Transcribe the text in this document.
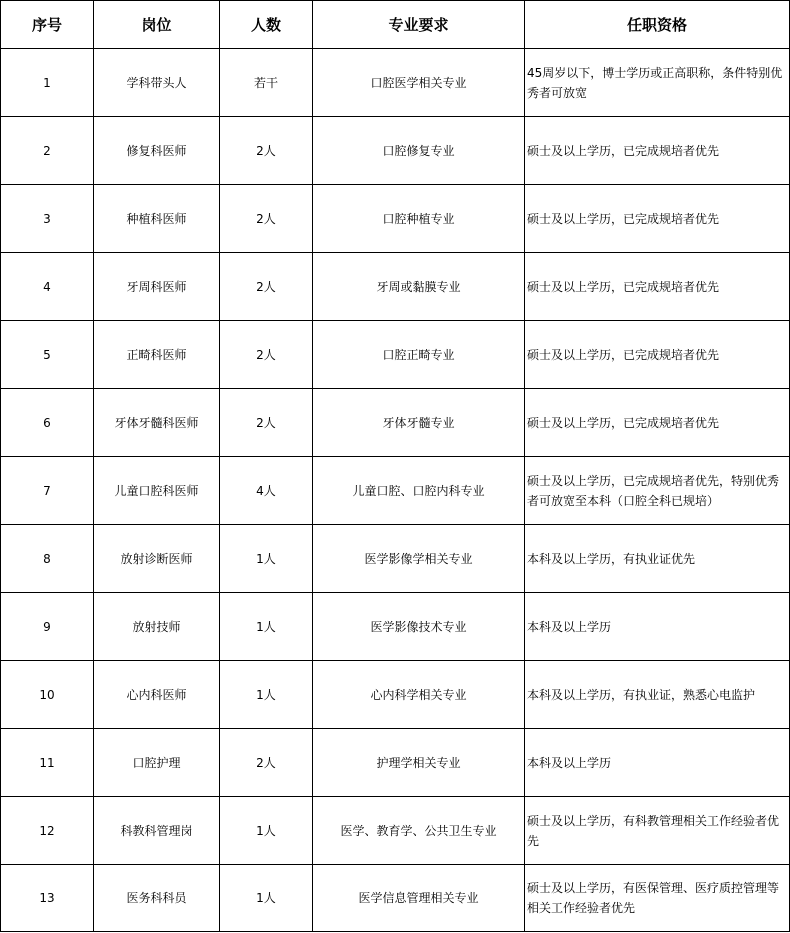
序号	岗位	人数	专业要求	任职资格
1	学科带头人	若干	口腔医学相关专业	45周岁以下，博士学历或正高职称，条件特别优秀者可放宽
2	修复科医师	2人	口腔修复专业	硕士及以上学历，已完成规培者优先
3	种植科医师	2人	口腔种植专业	硕士及以上学历，已完成规培者优先
4	牙周科医师	2人	牙周或黏膜专业	硕士及以上学历，已完成规培者优先
5	正畸科医师	2人	口腔正畸专业	硕士及以上学历，已完成规培者优先
6	牙体牙髓科医师	2人	牙体牙髓专业	硕士及以上学历，已完成规培者优先
7	儿童口腔科医师	4人	儿童口腔、口腔内科专业	硕士及以上学历，已完成规培者优先，特别优秀者可放宽至本科（口腔全科已规培）
8	放射诊断医师	1人	医学影像学相关专业	本科及以上学历，有执业证优先
9	放射技师	1人	医学影像技术专业	本科及以上学历
10	心内科医师	1人	心内科学相关专业	本科及以上学历，有执业证，熟悉心电监护
11	口腔护理	2人	护理学相关专业	本科及以上学历
12	科教科管理岗	1人	医学、教育学、公共卫生专业	硕士及以上学历，有科教管理相关工作经验者优先
13	医务科科员	1人	医学信息管理相关专业	硕士及以上学历，有医保管理、医疗质控管理等相关工作经验者优先
